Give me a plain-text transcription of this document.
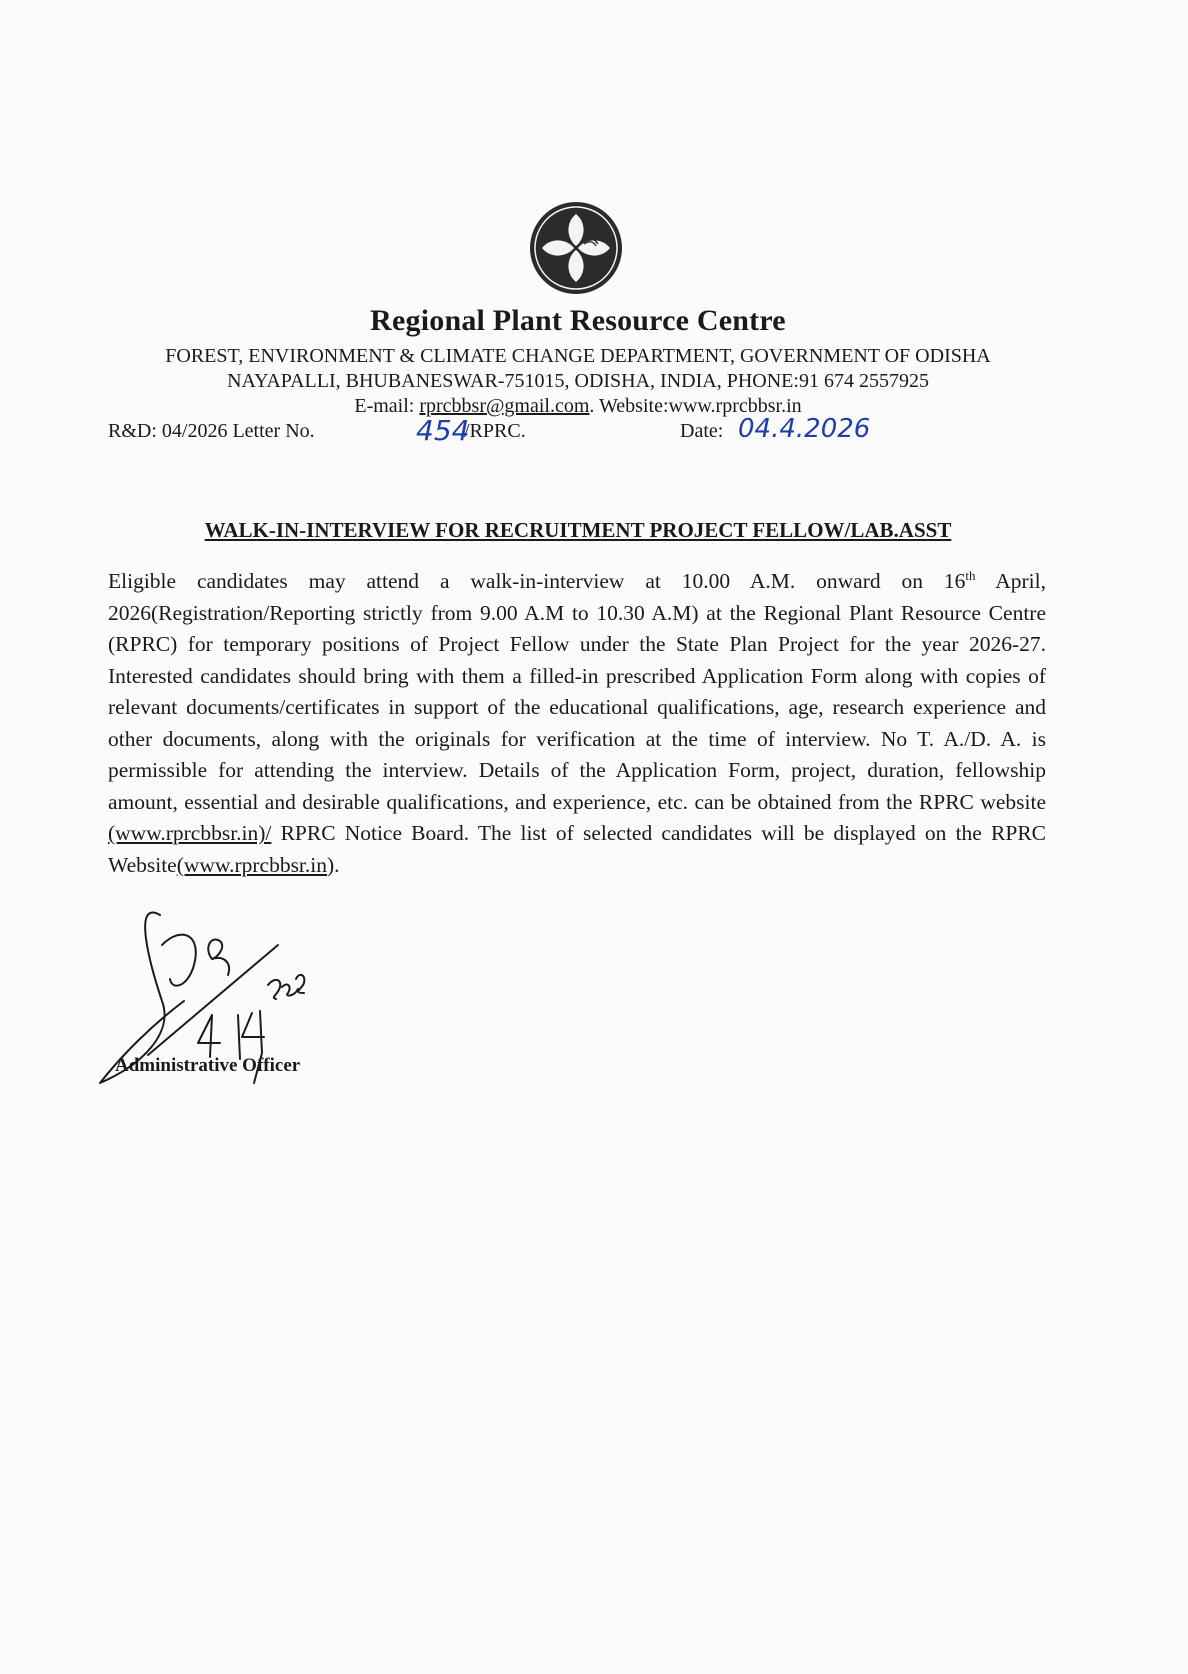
Regional Plant Resource Centre
FOREST, ENVIRONMENT & CLIMATE CHANGE DEPARTMENT, GOVERNMENT OF ODISHA
NAYAPALLI, BHUBANESWAR-751015, ODISHA, INDIA, PHONE:91 674 2557925
E-mail: rprcbbsr@gmail.com. Website:www.rprcbbsr.in
R&D: 04/2026 Letter No.	454
/RPRC.	Date: 04.4.2026
WALK-IN-INTERVIEW FOR RECRUITMENT PROJECT FELLOW/LAB.ASST
Eligible candidates may attend a walk-in-interview at 10.00 A.M. onward on 16th April, 2026(Registration/Reporting strictly from 9.00 A.M to 10.30 A.M) at the Regional Plant Resource Centre (RPRC) for temporary positions of Project Fellow under the State Plan Project for the year 2026-27. Interested candidates should bring with them a filled-in prescribed Application Form along with copies of relevant documents/certificates in support of the educational qualifications, age, research experience and other documents, along with the originals for verification at the time of interview. No T. A./D. A. is permissible for attending the interview. Details of the Application Form, project, duration, fellowship amount, essential and desirable qualifications, and experience, etc. can be obtained from the RPRC website (www.rprcbbsr.in)/ RPRC Notice Board. The list of selected candidates will be displayed on the RPRC Website(www.rprcbbsr.in).
Administrative Officer
